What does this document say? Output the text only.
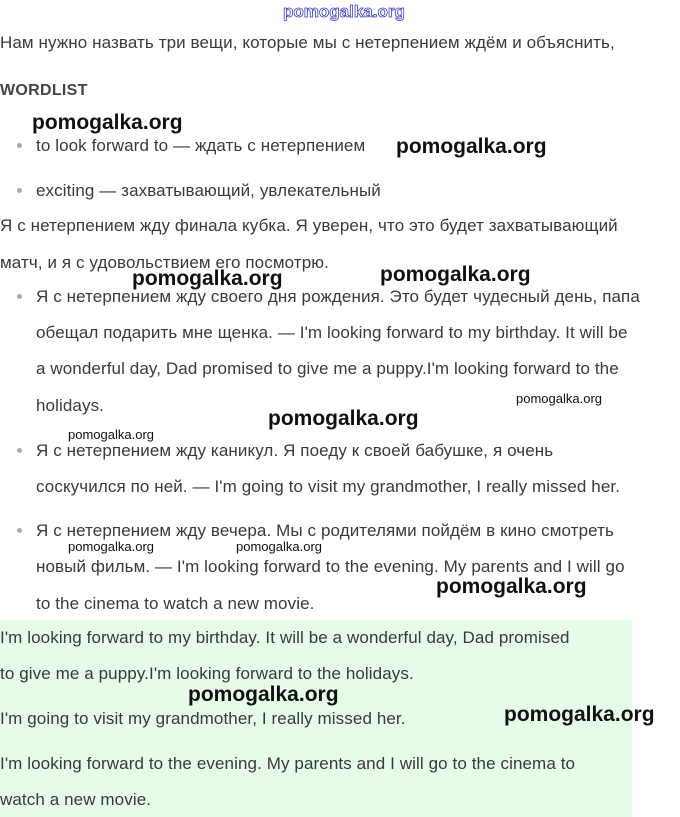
pomogalka.org
Нам нужно назвать три вещи, которые мы с нетерпением ждём и объяснить,
WORDLIST
to look forward to — ждать с нетерпением
exciting — захватывающий, увлекательный
Я с нетерпением жду финала кубка. Я уверен, что это будет захватывающий
матч, и я с удовольствием его посмотрю.
Я с нетерпением жду своего дня рождения. Это будет чудесный день, папа
обещал подарить мне щенка. — I'm looking forward to my birthday. It will be
a wonderful day, Dad promised to give me a puppy.I'm looking forward to the
holidays.
Я с нетерпением жду каникул. Я поеду к своей бабушке, я очень
соскучился по ней. — I'm going to visit my grandmother, I really missed her.
Я с нетерпением жду вечера. Мы с родителями пойдём в кино смотреть
новый фильм. — I'm looking forward to the evening. My parents and I will go
to the cinema to watch a new movie.
I'm looking forward to my birthday. It will be a wonderful day, Dad promised
to give me a puppy.I'm looking forward to the holidays.
I'm going to visit my grandmother, I really missed her.
I'm looking forward to the evening. My parents and I will go to the cinema to
watch a new movie.
pomogalka.org
pomogalka.org
pomogalka.org	pomogalka.org
pomogalka.org
pomogalka.org
pomogalka.org
pomogalka.org	pomogalka.org
pomogalka.org
pomogalka.org
pomogalka.org
